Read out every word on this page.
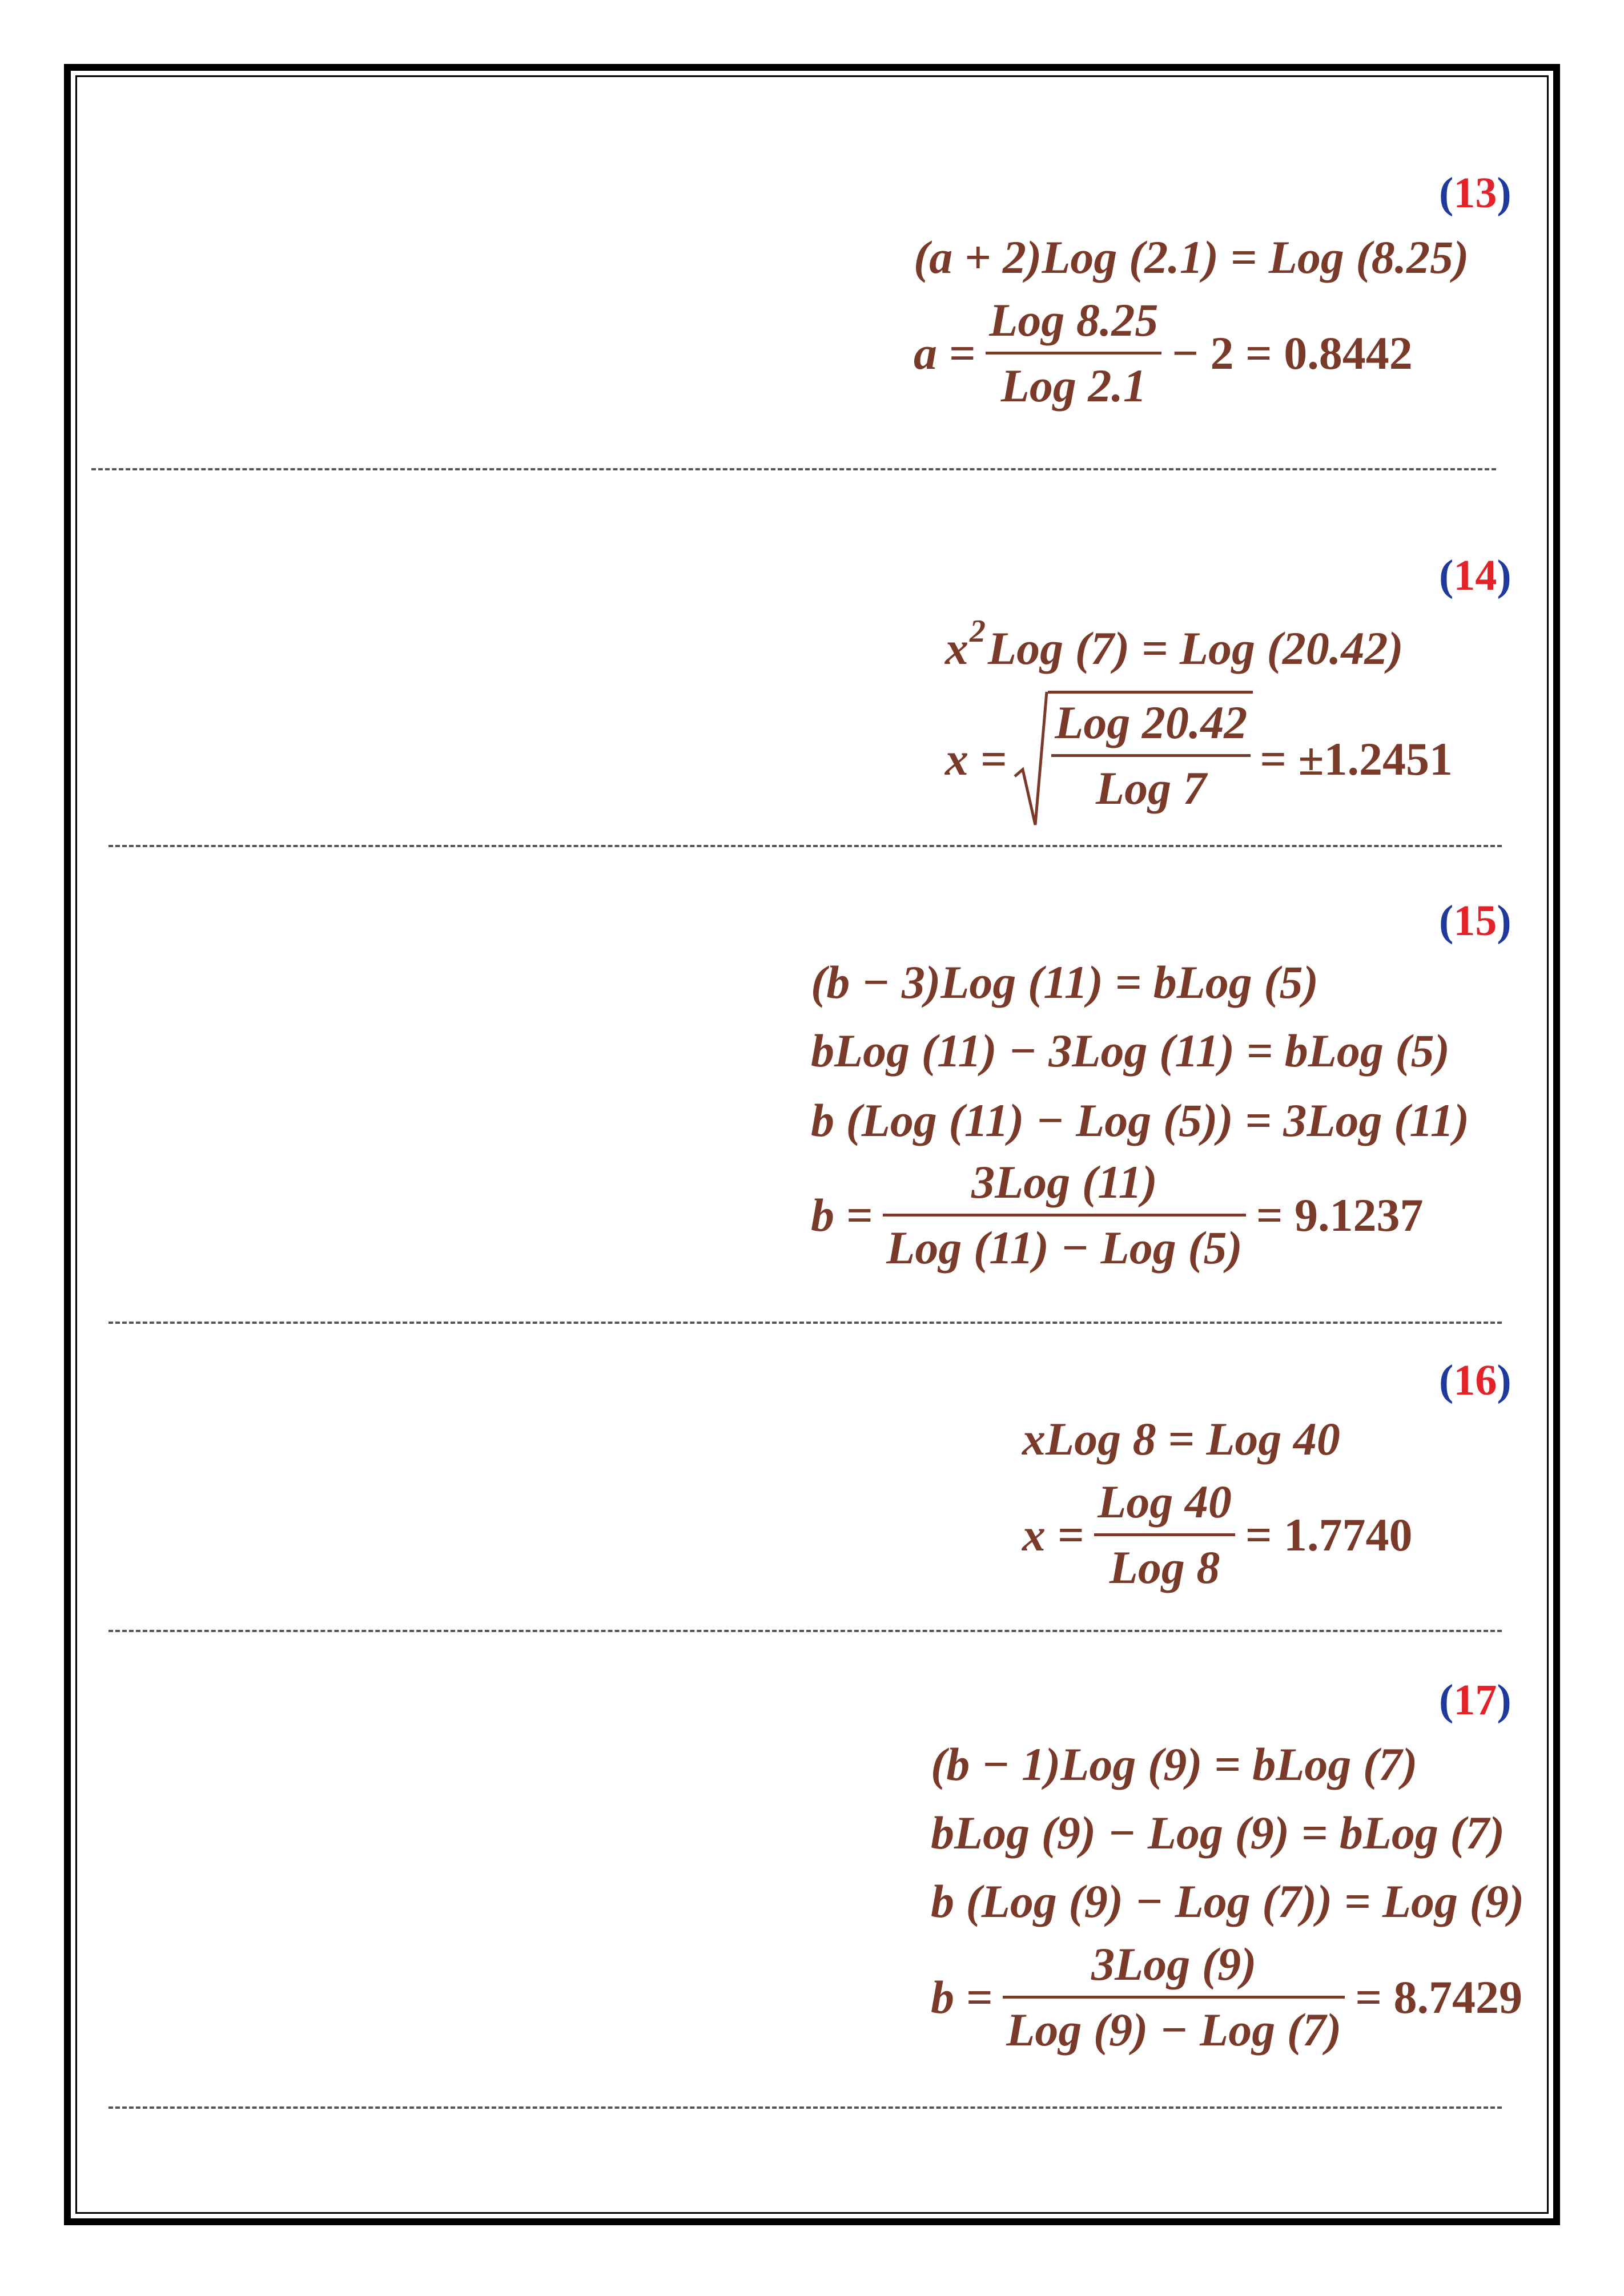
(13)
(a + 2)Log (2.1) = Log (8.25)
a =
Log 8.25
Log 2.1
− 2 = 0.8442
(14)
x 2 Log (7) = Log (20.42)
x =
Log 20.42
Log 7
= ±1.2451
(15)
(b − 3)Log (11) = bLog (5)
bLog (11) − 3Log (11) = bLog (5)
b (Log (11) − Log (5)) = 3Log (11)
b =
3Log (11)
Log (11) − Log (5)
= 9.1237
(16)
xLog 8 = Log 40
x =
Log 40
Log 8
= 1.7740
(17)
(b − 1)Log (9) = bLog (7)
bLog (9) − Log (9) = bLog (7)
b (Log (9) − Log (7)) = Log (9)
b =
3Log (9)
Log (9) − Log (7)
= 8.7429
